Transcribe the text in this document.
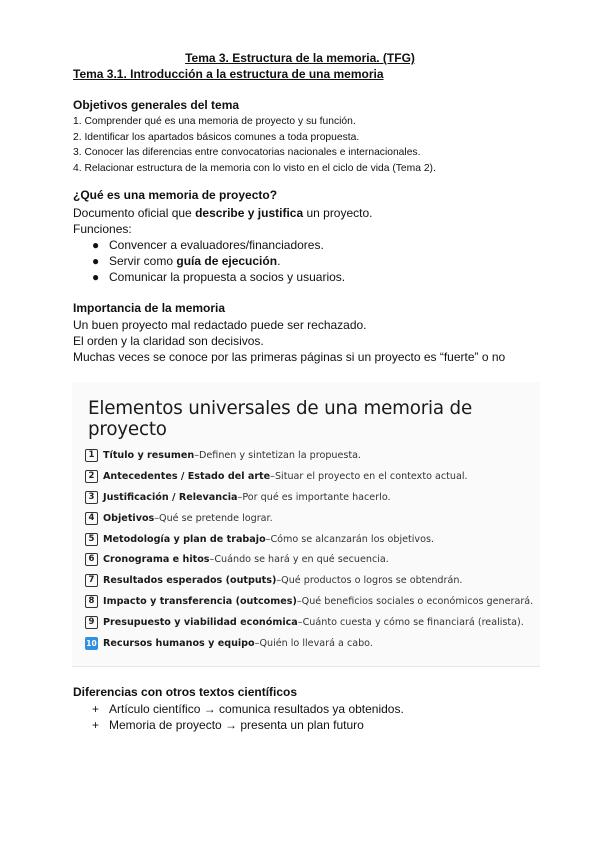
Tema 3. Estructura de la memoria. (TFG)
Tema 3.1. Introducción a la estructura de una memoria
Objetivos generales del tema
1. Comprender qué es una memoria de proyecto y su función.
2. Identificar los apartados básicos comunes a toda propuesta.
3. Conocer las diferencias entre convocatorias nacionales e internacionales.
4. Relacionar estructura de la memoria con lo visto en el ciclo de vida (Tema 2).
¿Qué es una memoria de proyecto?
Documento oficial que describe y justifica un proyecto.
Funciones:
● Convencer a evaluadores/financiadores.
● Servir como guía de ejecución.
● Comunicar la propuesta a socios y usuarios.
Importancia de la memoria
Un buen proyecto mal redactado puede ser rechazado.
El orden y la claridad son decisivos.
Muchas veces se conoce por las primeras páginas si un proyecto es “fuerte” o no
Elementos universales de una memoria de proyecto
1 Título y resumen – Definen y sintetizan la propuesta.
2 Antecedentes / Estado del arte – Situar el proyecto en el contexto actual.
3 Justificación / Relevancia – Por qué es importante hacerlo.
4 Objetivos – Qué se pretende lograr.
5 Metodología y plan de trabajo – Cómo se alcanzarán los objetivos.
6 Cronograma e hitos – Cuándo se hará y en qué secuencia.
7 Resultados esperados (outputs) – Qué productos o logros se obtendrán.
8 Impacto y transferencia (outcomes) – Qué beneficios sociales o económicos generará.
9 Presupuesto y viabilidad económica – Cuánto cuesta y cómo se financiará (realista).
10 Recursos humanos y equipo – Quién lo llevará a cabo.
Diferencias con otros textos científicos
+ Artículo científico → comunica resultados ya obtenidos.
+ Memoria de proyecto → presenta un plan futuro
